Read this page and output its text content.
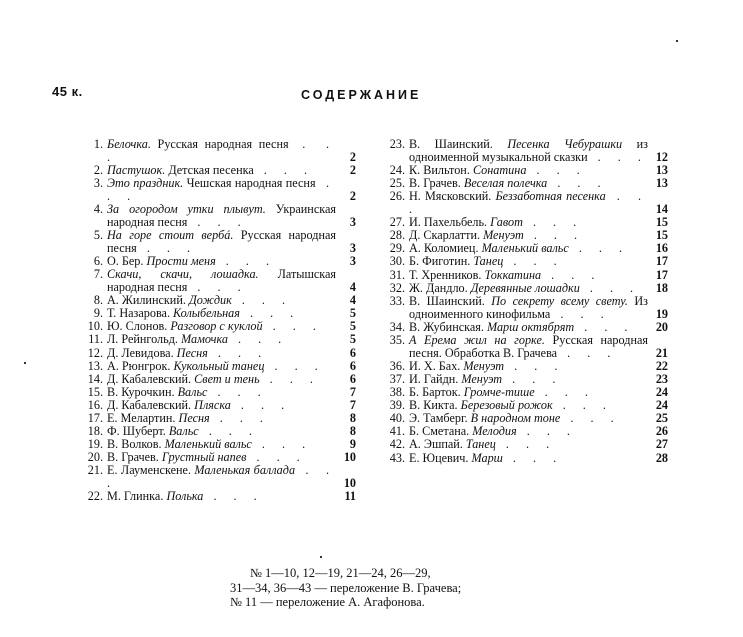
45 к.	СОДЕРЖАНИЕ
1. Белочка. Русская народная песня . . .	2
2. Пастушок. Детская песенка . . .	2
3. Это праздник. Чешская народная песня . . .	2
4. За огородом утки плывут. Украинская народная песня . . .	3
5. На горе стоит вербá. Русская народная песня . . .	3
6. О. Бер. Прости меня . . .	3
7. Скачи, скачи, лошадка. Латышская народная песня . . .	4
8. А. Жилинский. Дождик . . .	4
9. Т. Назарова. Колыбельная . . .	5
10. Ю. Слонов. Разговор с куклой . . .	5
11. Л. Рейнгольд. Мамочка . . .	5
12. Д. Левидова. Песня . . .	6
13. А. Рюнгрок. Кукольный танец . . .	6
14. Д. Кабалевский. Свет и тень . . .	6
15. В. Курочкин. Вальс . . .	7
16. Д. Кабалевский. Пляска . . .	7
17. Е. Мелартин. Песня . . .	8
18. Ф. Шуберт. Вальс . . .	8
19. В. Волков. Маленький вальс . . .	9
20. В. Грачев. Грустный напев . . .	10
21. Е. Лауменскене. Маленькая баллада . . .	10
22. М. Глинка. Полька . . .	11
23. В. Шаинский. Песенка Чебурашки из одноименной музыкальной сказки . . . 12
24. К. Вильтон. Сонатина . . .	13
25. В. Грачев. Веселая полечка . . .	13
26. Н. Мясковский. Беззаботная песенка . . .	14
27. И. Пахельбель. Гавот . . .	15
28. Д. Скарлатти. Менуэт . . .	15
29. А. Коломиец. Маленький вальс . . .	16
30. Б. Фиготин. Танец . . .	17
31. Т. Хренников. Токкатина . . .	17
32. Ж. Дандло. Деревянные лошадки . . .	18
33. В. Шаинский. По секрету всему свету. Из одноименного кинофильма . . .	19
34. В. Жубинская. Марш октябрят . . .	20
35. А Ерема жил на горке. Русская народная песня. Обработка В. Грачева . . .	21
36. И. Х. Бах. Менуэт . . .	22
37. И. Гайдн. Менуэт . . .	23
38. Б. Барток. Громче-тише . . .	24
39. В. Кикта. Березовый рожок . . .	24
40. Э. Тамберг. В народном тоне . . .	25
41. Б. Сметана. Мелодия . . .	26
42. А. Эшпай. Танец . . .	27
43. Е. Юцевич. Марш . . .	28
№ 1—10, 12—19, 21—24, 26—29,
31—34, 36—43 — переложение В. Грачева;
№ 11 — переложение А. Агафонова.
